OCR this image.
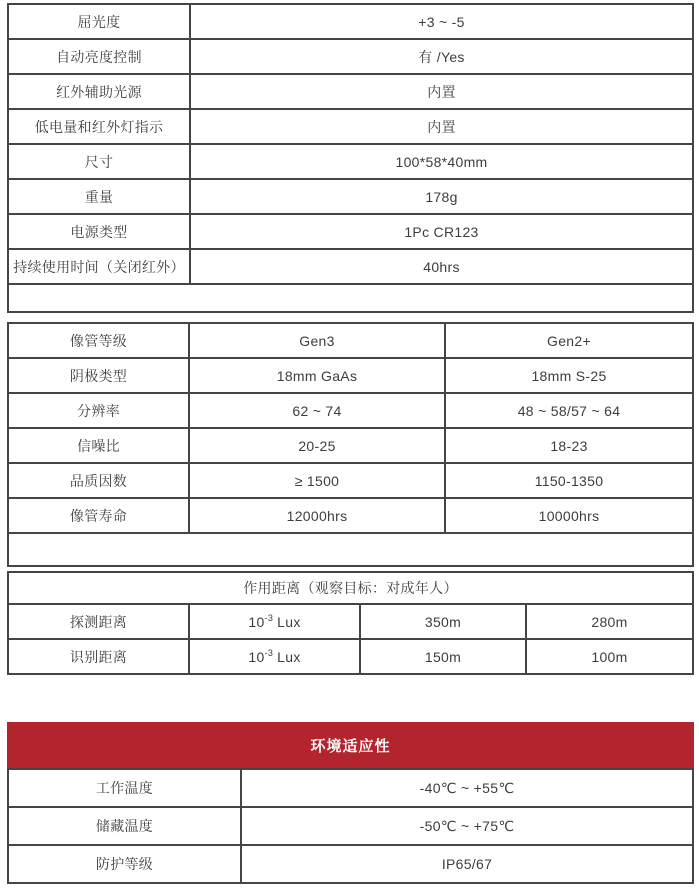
屈光度	+3 ~ -5
自动亮度控制	有 /Yes
红外辅助光源	内置
低电量和红外灯指示	内置
尺寸	100*58*40mm
重量	178g
电源类型	1Pc CR123
持续使用时间（关闭红外）	40hrs
像管等级	Gen3	Gen2+
阴极类型	18mm GaAs	18mm S-25
分辨率	62 ~ 74	48 ~ 58/57 ~ 64
信噪比	20-25	18-23
品质因数	≥ 1500	1150-1350
像管寿命	12000hrs	10000hrs
作用距离（观察目标：对成年人）
探测距离	$10^{-3}$ Lux	350m	280m
识别距离	$10^{-3}$ Lux	150m	100m
环境适应性
工作温度	-40℃ ~ +55℃
储藏温度	-50℃ ~ +75℃
防护等级	IP65/67
